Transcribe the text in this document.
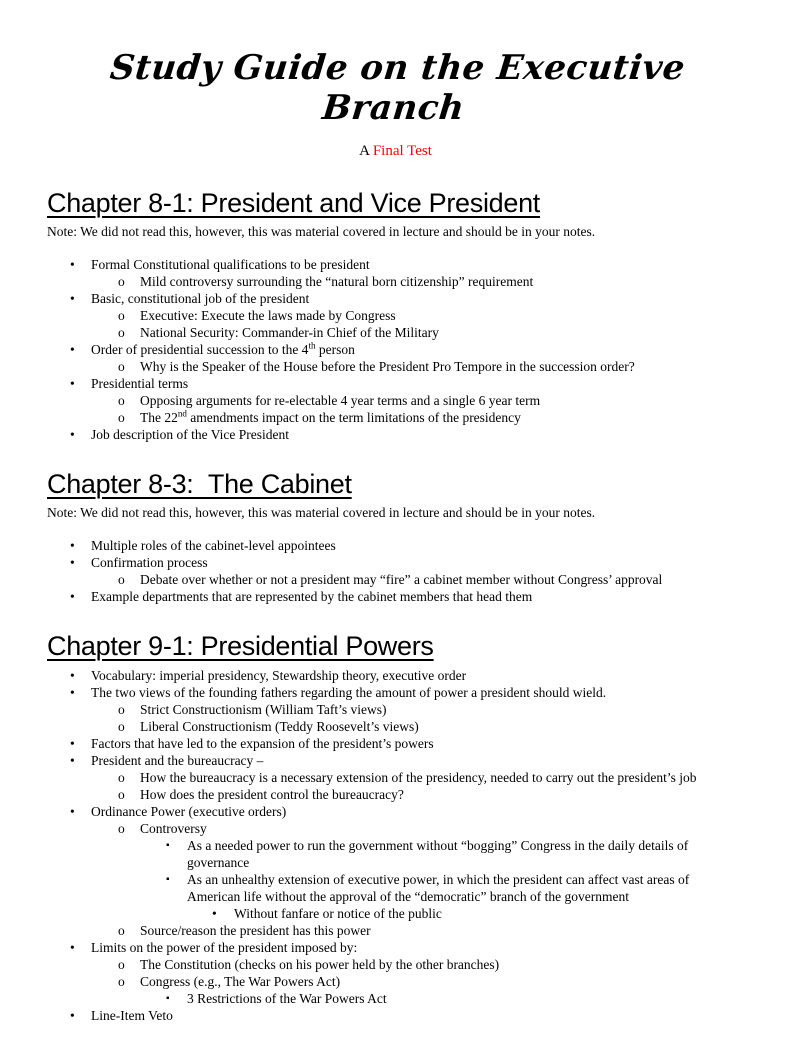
Study Guide on the Executive Branch
A Final Test
Chapter 8-1: President and Vice President

Note: We did not read this, however, this was material covered in lecture and should be in your notes.

•	Formal Constitutional qualifications to be president
o	Mild controversy surrounding the “natural born citizenship” requirement
•	Basic, constitutional job of the president
o	Executive: Execute the laws made by Congress
o	National Security: Commander-in Chief of the Military
•	Order of presidential succession to the 4th person
o	Why is the Speaker of the House before the President Pro Tempore in the succession order?
•	Presidential terms
o	Opposing arguments for re-electable 4 year terms and a single 6 year term
o	The 22nd amendments impact on the term limitations of the presidency
•	Job description of the Vice President
Chapter 8-3:  The Cabinet

Note: We did not read this, however, this was material covered in lecture and should be in your notes.

•	Multiple roles of the cabinet-level appointees
•	Confirmation process
o	Debate over whether or not a president may “fire” a cabinet member without Congress’ approval
•	Example departments that are represented by the cabinet members that head them
Chapter 9-1: Presidential Powers
•	Vocabulary: imperial presidency, Stewardship theory, executive order
•	The two views of the founding fathers regarding the amount of power a president should wield.
o	Strict Constructionism (William Taft’s views)
o	Liberal Constructionism (Teddy Roosevelt’s views)
•	Factors that have led to the expansion of the president’s powers
•	President and the bureaucracy –
o	How the bureaucracy is a necessary extension of the presidency, needed to carry out the president’s job
o	How does the president control the bureaucracy?
•	Ordinance Power (executive orders)
o	Controversy
▪	As a needed power to run the government without “bogging” Congress in the daily details of governance
▪	As an unhealthy extension of executive power, in which the president can affect vast areas of American life without the approval of the “democratic” branch of the government
•	Without fanfare or notice of the public
o	Source/reason the president has this power
•	Limits on the power of the president imposed by:
o	The Constitution (checks on his power held by the other branches)
o	Congress (e.g., The War Powers Act)
▪	3 Restrictions of the War Powers Act
•	Line-Item Veto
